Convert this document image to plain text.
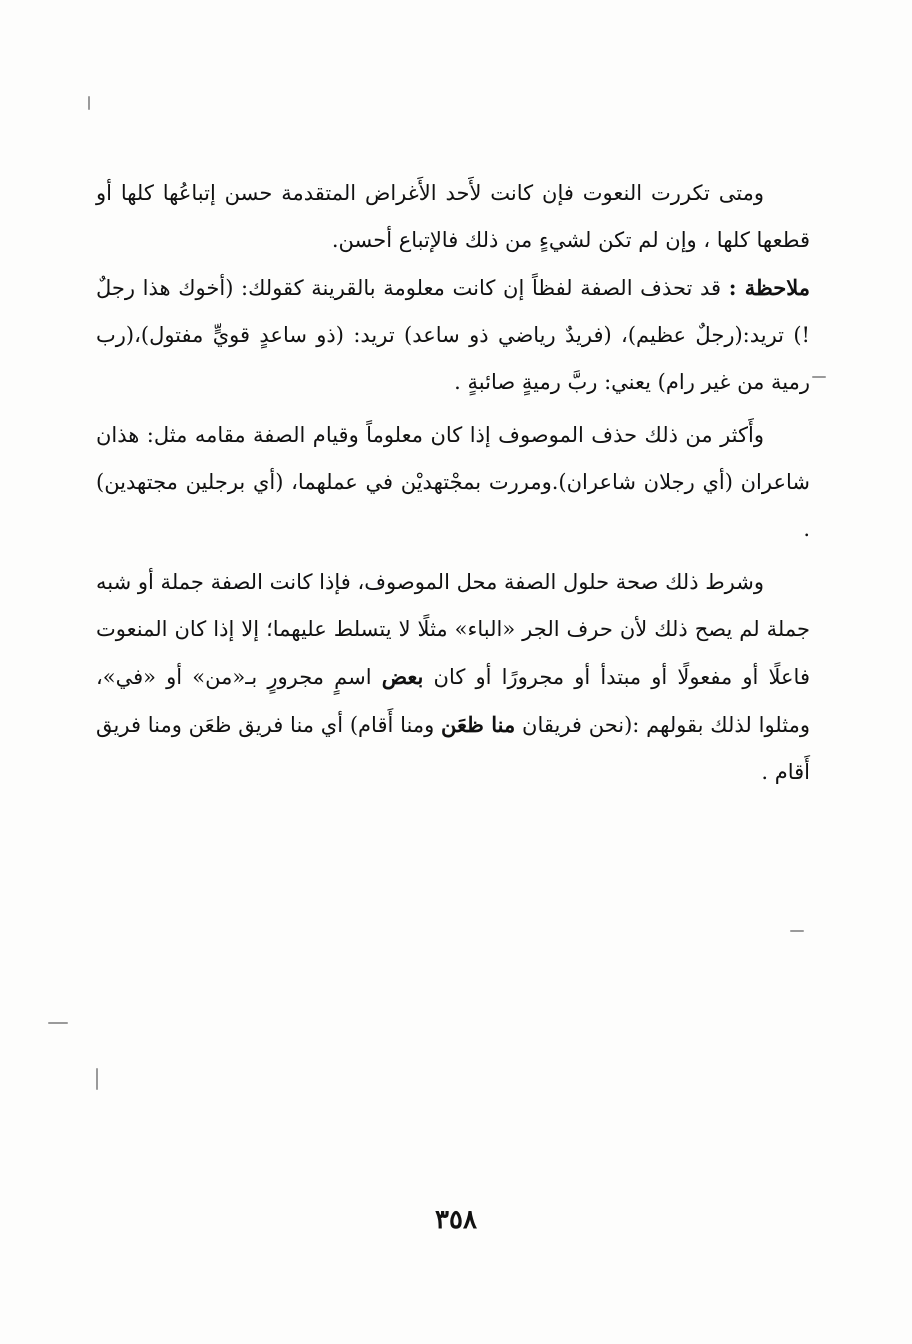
ومتى تكررت النعوت فإن كانت لأَحد الأَغراض المتقدمة حسن إتباعُها كلها أو قطعها كلها ، وإن لم تكن لشيءٍ من ذلك فالإتباع أحسن.

ملاحظة : قد تحذف الصفة لفظاً إن كانت معلومة بالقرينة كقولك: (أخوك هذا رجلٌ !) تريد:(رجلٌ عظيم)، (فريدٌ رياضي ذو ساعد) تريد: (ذو ساعدٍ قويٍّ مفتول)،(رب رمية من غير رام) يعني: ربَّ رميةٍ صائبةٍ .

وأَكثر من ذلك حذف الموصوف إذا كان معلوماً وقيام الصفة مقامه مثل: هذان شاعران (أي رجلان شاعران).ومررت بمجْتهديْن في عملهما، (أي برجلين مجتهدين) .

وشرط ذلك صحة حلول الصفة محل الموصوف، فإذا كانت الصفة جملة أو شبه جملة لم يصح ذلك لأن حرف الجر «الباء» مثلًا لا يتسلط عليهما؛ إلا إذا كان المنعوت فاعلًا أو مفعولًا أو مبتدأ أو مجرورًا أو كان بعض اسمٍ مجرورٍ بـ«من» أو «في»، ومثلوا لذلك بقولهم :(نحن فريقان منا ظعَن ومنا أَقام) أي منا فريق ظعَن ومنا فريق أَقام .

٣٥٨
